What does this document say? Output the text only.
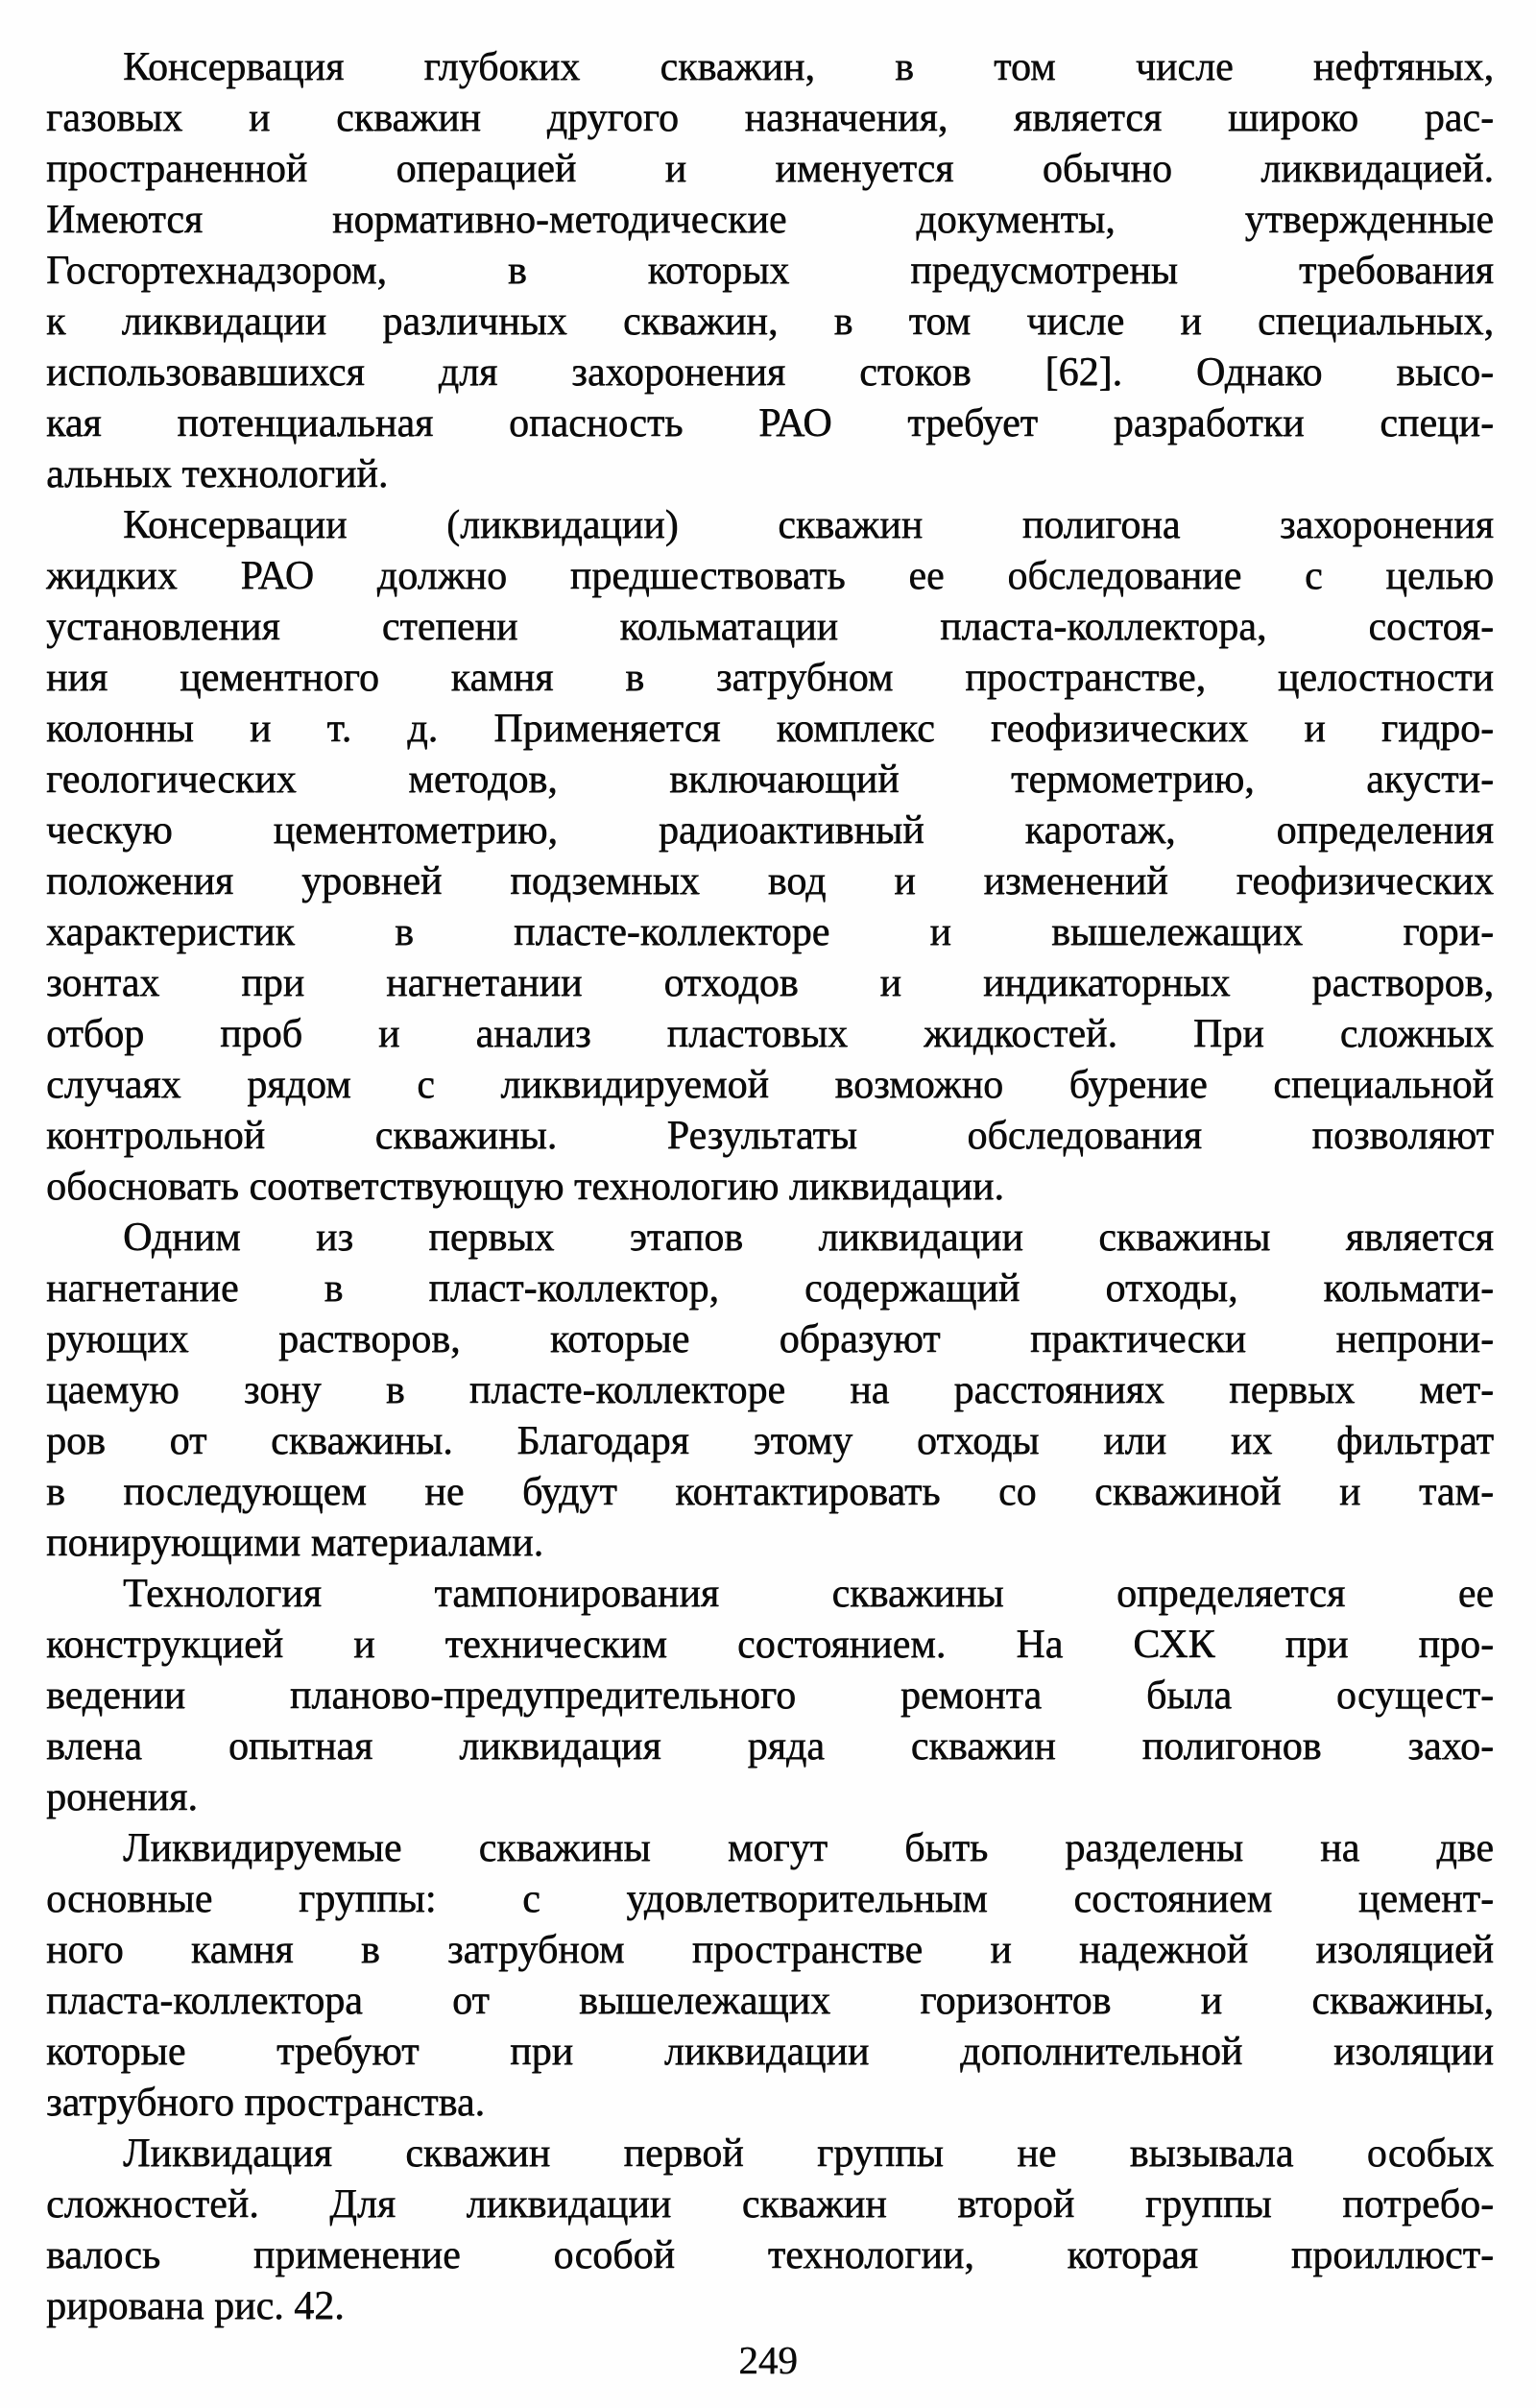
Консервация глубоких скважин, в том числе нефтяных,
газовых и скважин другого назначения, является широко рас-
пространенной операцией и именуется обычно ликвидацией.
Имеются нормативно-методические документы, утвержденные
Госгортехнадзором, в которых предусмотрены требования
к ликвидации различных скважин, в том числе и специальных,
использовавшихся для захоронения стоков [62]. Однако высо-
кая потенциальная опасность РАО требует разработки специ-
альных технологий.
Консервации (ликвидации) скважин полигона захоронения
жидких РАО должно предшествовать ее обследование с целью
установления степени кольматации пласта-коллектора, состоя-
ния цементного камня в затрубном пространстве, целостности
колонны и т. д. Применяется комплекс геофизических и гидро-
геологических методов, включающий термометрию, акусти-
ческую цементометрию, радиоактивный каротаж, определения
положения уровней подземных вод и изменений геофизических
характеристик в пласте-коллекторе и вышележащих гори-
зонтах при нагнетании отходов и индикаторных растворов,
отбор проб и анализ пластовых жидкостей. При сложных
случаях рядом с ликвидируемой возможно бурение специальной
контрольной скважины. Результаты обследования позволяют
обосновать соответствующую технологию ликвидации.
Одним из первых этапов ликвидации скважины является
нагнетание в пласт-коллектор, содержащий отходы, кольмати-
рующих растворов, которые образуют практически непрони-
цаемую зону в пласте-коллекторе на расстояниях первых мет-
ров от скважины. Благодаря этому отходы или их фильтрат
в последующем не будут контактировать со скважиной и там-
понирующими материалами.
Технология тампонирования скважины определяется ее
конструкцией и техническим состоянием. На СХК при про-
ведении планово-предупредительного ремонта была осущест-
влена опытная ликвидация ряда скважин полигонов захо-
ронения.
Ликвидируемые скважины могут быть разделены на две
основные группы: с удовлетворительным состоянием цемент-
ного камня в затрубном пространстве и надежной изоляцией
пласта-коллектора от вышележащих горизонтов и скважины,
которые требуют при ликвидации дополнительной изоляции
затрубного пространства.
Ликвидация скважин первой группы не вызывала особых
сложностей. Для ликвидации скважин второй группы потребо-
валось применение особой технологии, которая проиллюст-
рирована рис. 42.
249
